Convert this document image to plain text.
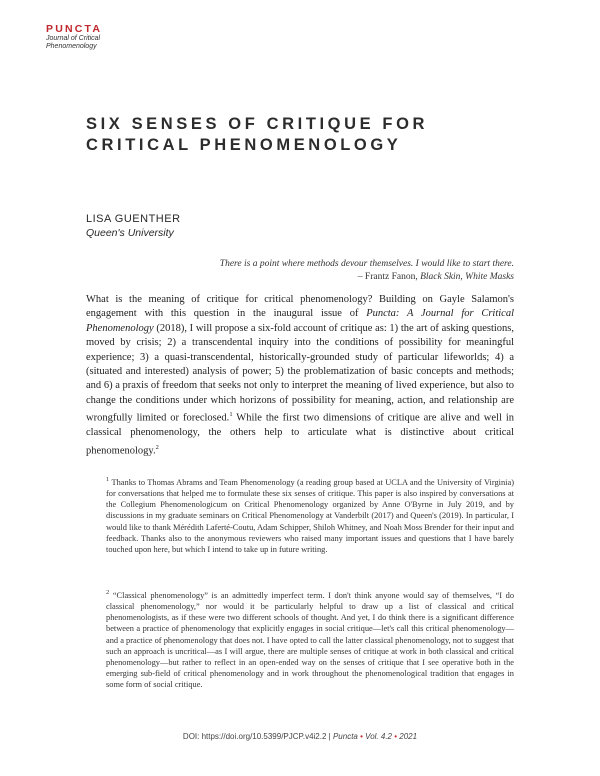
PUNCTA
Journal of Critical
Phenomenology
SIX SENSES OF CRITIQUE FOR
CRITICAL PHENOMENOLOGY
LISA GUENTHER
Queen's University
There is a point where methods devour themselves. I would like to start there.
– Frantz Fanon, Black Skin, White Masks

What is the meaning of critique for critical phenomenology? Building on Gayle Salamon's engagement with this question in the inaugural issue of Puncta: A Journal for Critical Phenomenology (2018), I will propose a six-fold account of critique as: 1) the art of asking questions, moved by crisis; 2) a transcendental inquiry into the conditions of possibility for meaningful experience; 3) a quasi-transcendental, historically-grounded study of particular lifeworlds; 4) a (situated and interested) analysis of power; 5) the problematization of basic concepts and methods; and 6) a praxis of freedom that seeks not only to interpret the meaning of lived experience, but also to change the conditions under which horizons of possibility for meaning, action, and relationship are wrongfully limited or foreclosed.$^1$ While the first two dimensions of critique are alive and well in classical phenomenology, the others help to articulate what is distinctive about critical phenomenology.$^2$

$^1$ Thanks to Thomas Abrams and Team Phenomenology (a reading group based at UCLA and the University of Virginia) for conversations that helped me to formulate these six senses of critique. This paper is also inspired by conversations at the Collegium Phenomenologicum on Critical Phenomenology organized by Anne O'Byrne in July 2019, and by discussions in my graduate seminars on Critical Phenomenology at Vanderbilt (2017) and Queen's (2019). In particular, I would like to thank Mérédith Laferté-Coutu, Adam Schipper, Shiloh Whitney, and Noah Moss Brender for their input and feedback. Thanks also to the anonymous reviewers who raised many important issues and questions that I have barely touched upon here, but which I intend to take up in future writing.

$^2$ “Classical phenomenology” is an admittedly imperfect term. I don't think anyone would say of themselves, “I do classical phenomenology,” nor would it be particularly helpful to draw up a list of classical and critical phenomenologists, as if these were two different schools of thought. And yet, I do think there is a significant difference between a practice of phenomenology that explicitly engages in social critique—let's call this critical phenomenology—and a practice of phenomenology that does not. I have opted to call the latter classical phenomenology, not to suggest that such an approach is uncritical—as I will argue, there are multiple senses of critique at work in both classical and critical phenomenology—but rather to reflect in an open-ended way on the senses of critique that I see operative both in the emerging sub-field of critical phenomenology and in work throughout the phenomenological tradition that engages in some form of social critique.

DOI: https://doi.org/10.5399/PJCP.v4i2.2 | Puncta • Vol. 4.2 • 2021
